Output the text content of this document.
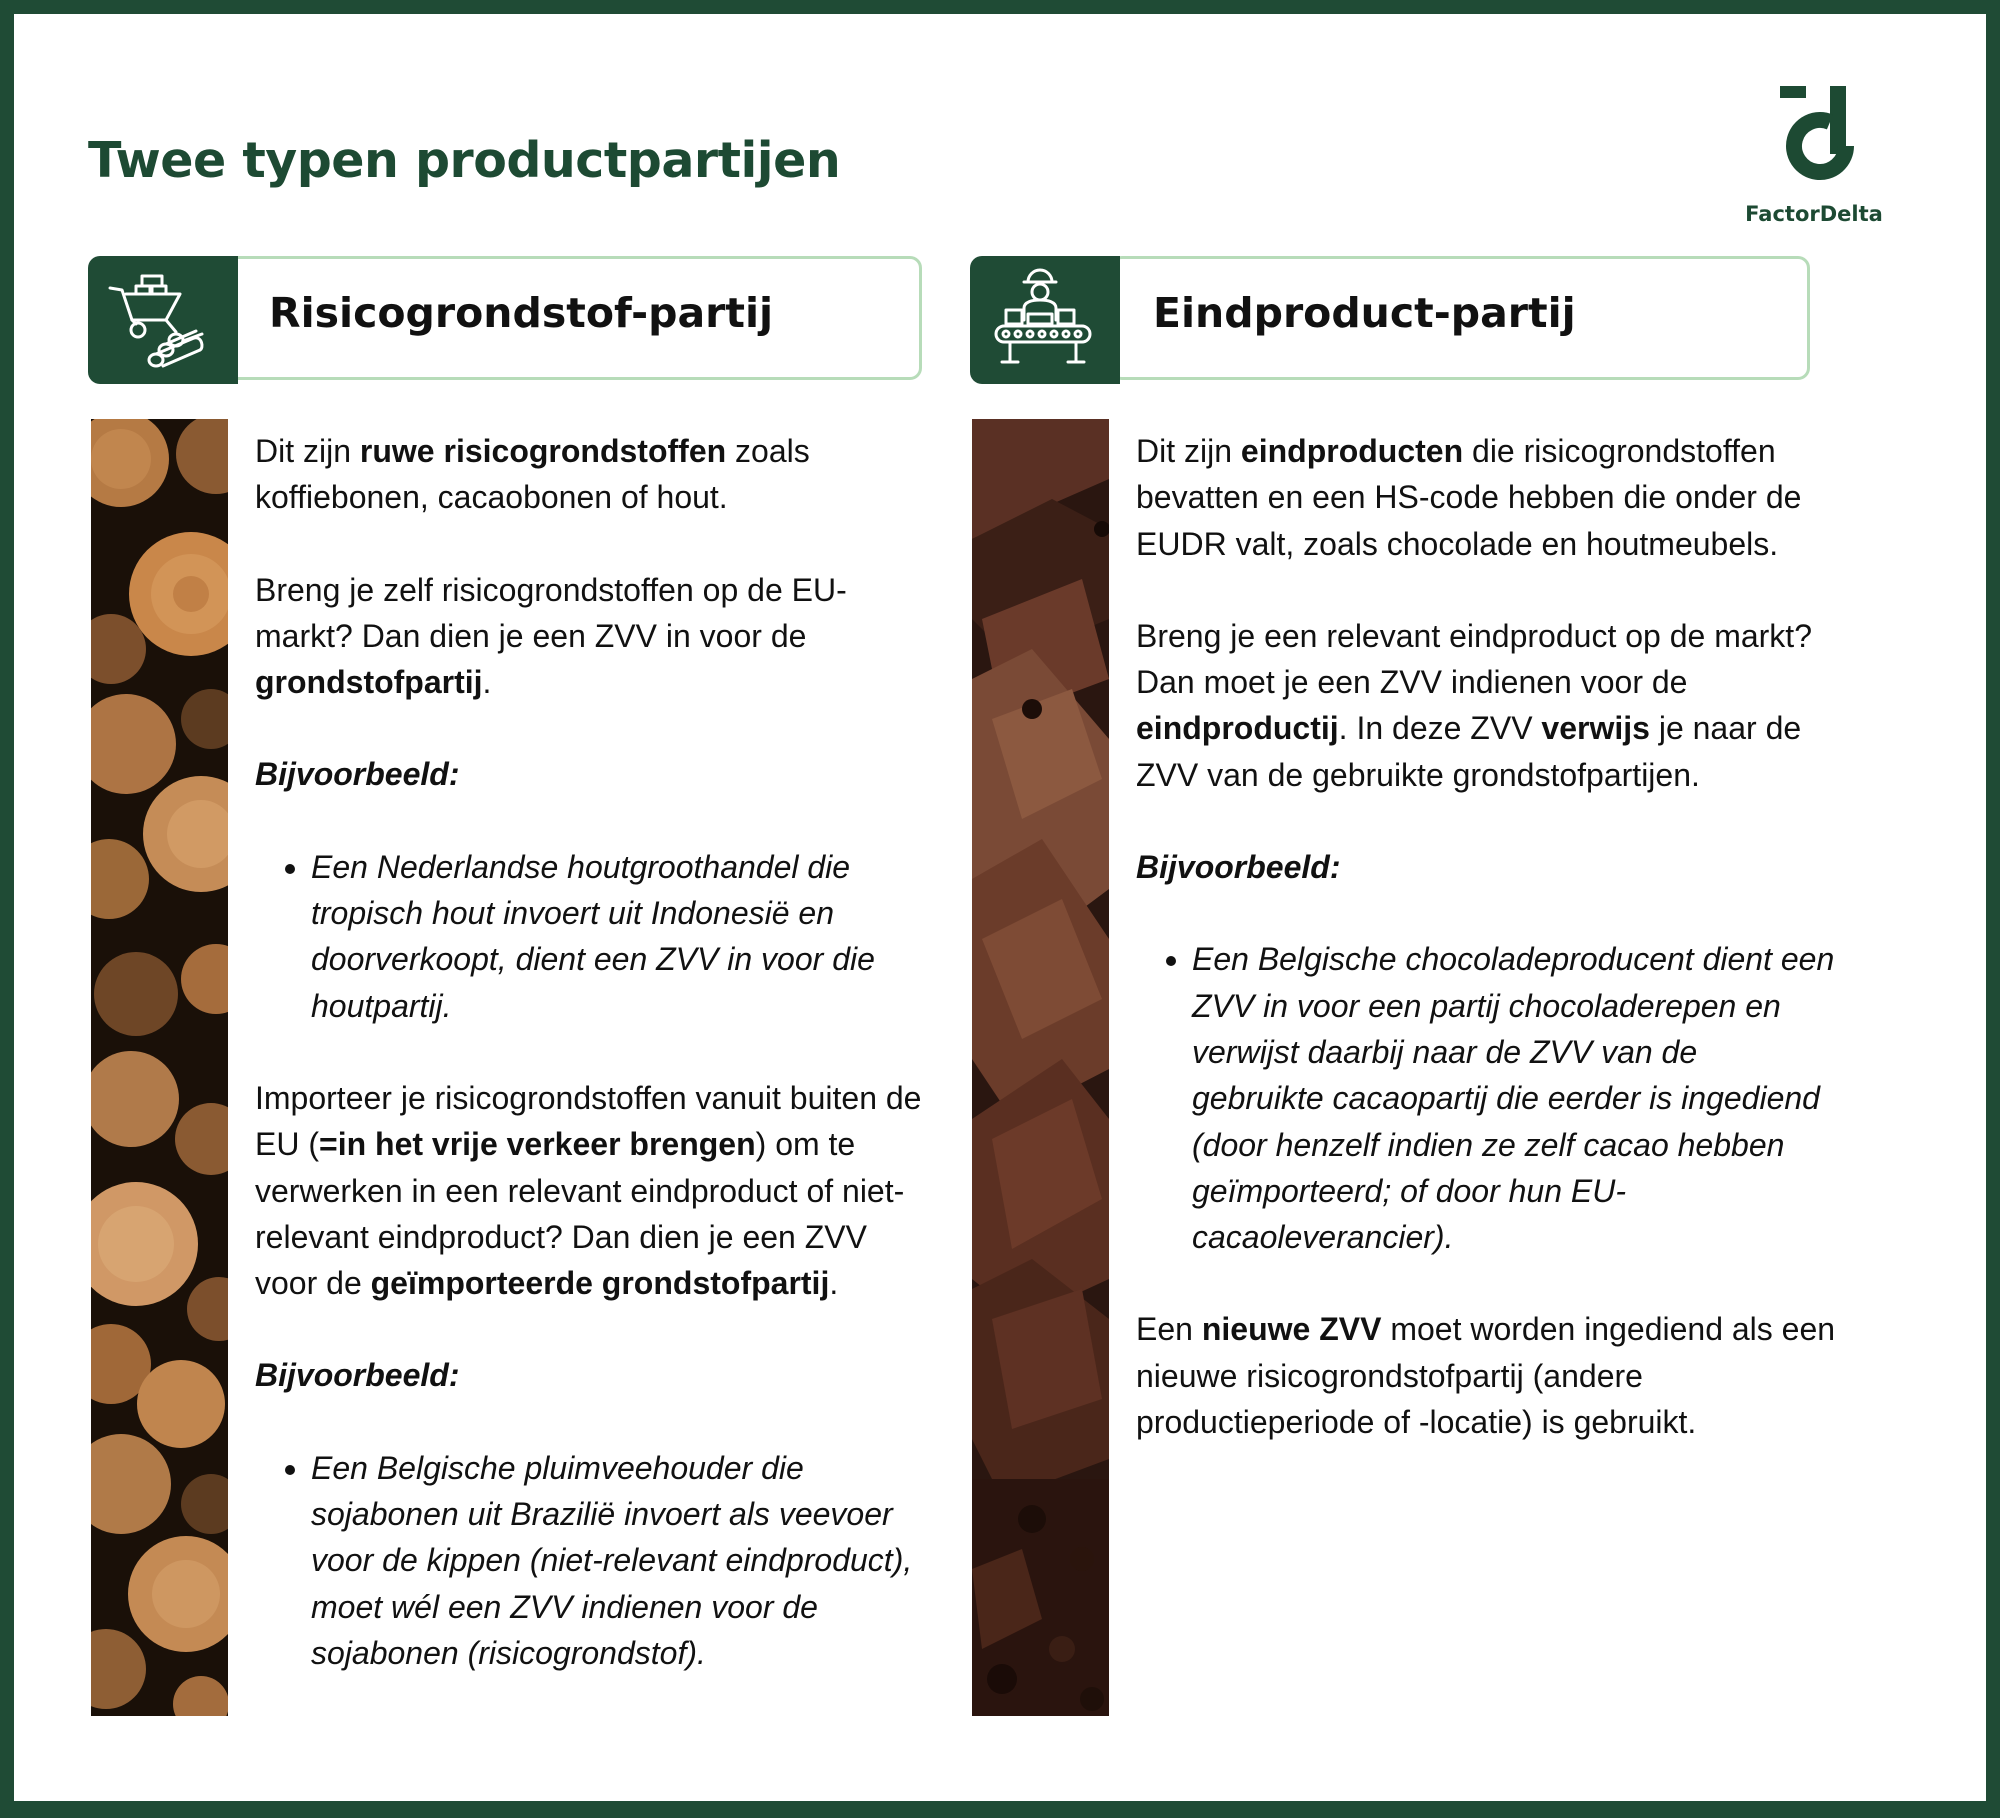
Twee typen productpartijen
FactorDelta
Risicogrondstof-partij

Dit zijn ruwe risicogrondstoffen zoals koffiebonen, cacaobonen of hout.

Breng je zelf risicogrondstoffen op de EU-markt? Dan dien je een ZVV in voor de grondstofpartij.

Bijvoorbeeld:

• Een Nederlandse houtgroothandel die tropisch hout invoert uit Indonesië en doorverkoopt, dient een ZVV in voor die houtpartij.

Importeer je risicogrondstoffen vanuit buiten de EU (=in het vrije verkeer brengen) om te verwerken in een relevant eindproduct of niet-relevant eindproduct? Dan dien je een ZVV voor de geïmporteerde grondstofpartij.

Bijvoorbeeld:

• Een Belgische pluimveehouder die sojabonen uit Brazilië invoert als veevoer voor de kippen (niet-relevant eindproduct), moet wél een ZVV indienen voor de sojabonen (risicogrondstof).
Eindproduct-partij

Dit zijn eindproducten die risicogrondstoffen bevatten en een HS-code hebben die onder de EUDR valt, zoals chocolade en houtmeubels.

Breng je een relevant eindproduct op de markt? Dan moet je een ZVV indienen voor de eindproductij. In deze ZVV verwijs je naar de ZVV van de gebruikte grondstofpartijen.

Bijvoorbeeld:

• Een Belgische chocoladeproducent dient een ZVV in voor een partij chocoladerepen en verwijst daarbij naar de ZVV van de gebruikte cacaopartij die eerder is ingediend (door henzelf indien ze zelf cacao hebben geïmporteerd; of door hun EU-cacaoleverancier).

Een nieuwe ZVV moet worden ingediend als een nieuwe risicogrondstofpartij (andere productieperiode of -locatie) is gebruikt.
